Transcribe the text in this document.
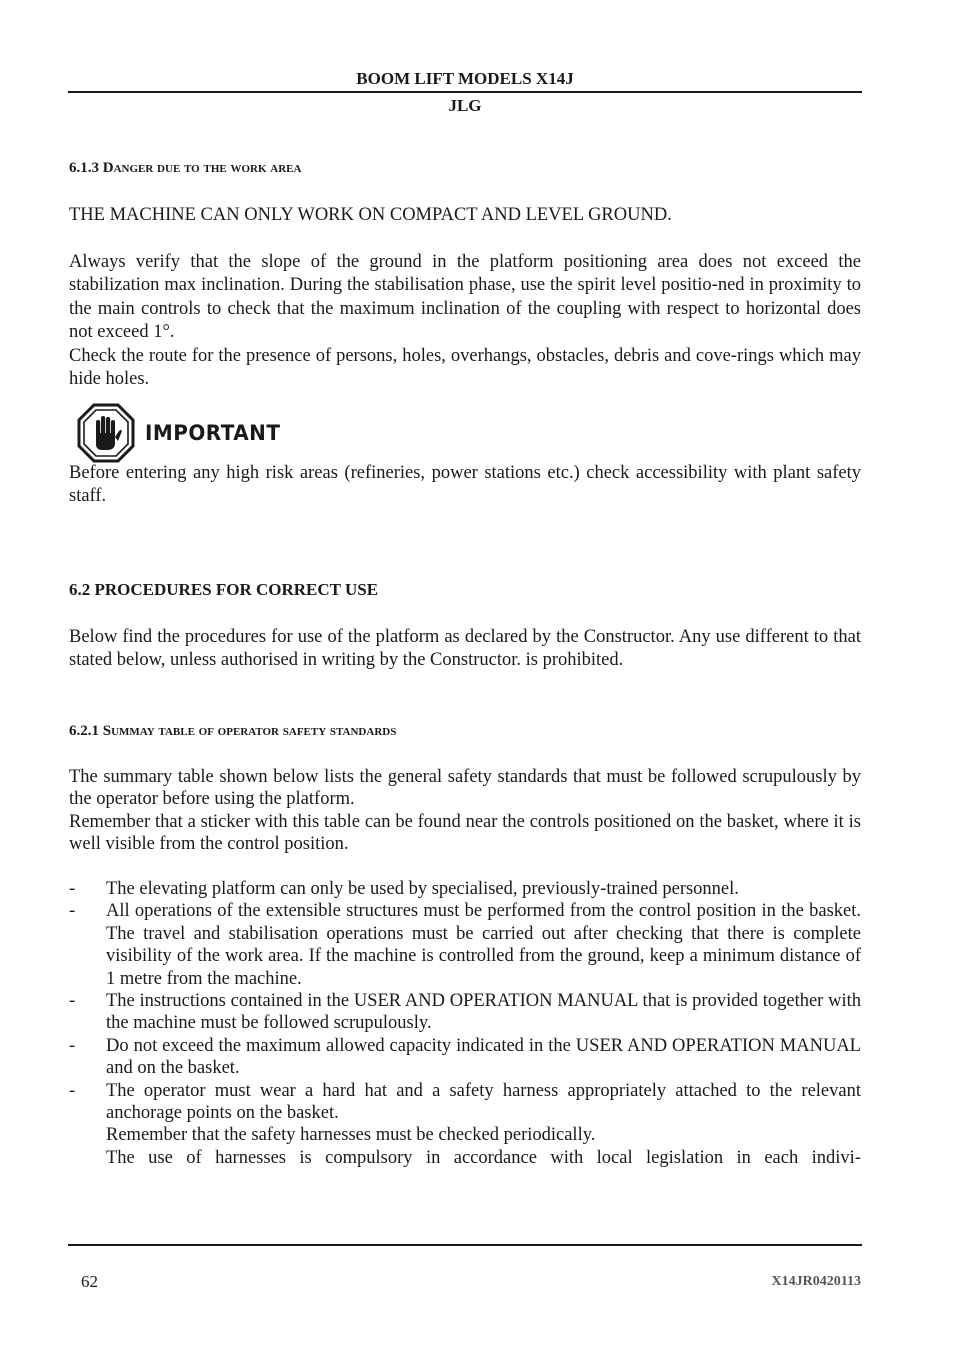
BOOM LIFT MODELS X14J
JLG
6.1.3 Danger due to the work area

THE MACHINE CAN ONLY WORK ON COMPACT AND LEVEL GROUND.

Always verify that the slope of the ground in the platform positioning area does not exceed the stabilization max inclination. During the stabilisation phase, use the spirit level positio-ned in proximity to the main controls to check that the maximum inclination of the coupling with respect to horizontal does not exceed 1°.

Check the route for the presence of persons, holes, overhangs, obstacles, debris and cove-rings which may hide holes.

IMPORTANT

Before entering any high risk areas (refineries, power stations etc.) check accessibility with plant safety staff.

6.2 PROCEDURES FOR CORRECT USE

Below find the procedures for use of the platform as declared by the Constructor. Any use different to that stated below, unless authorised in writing by the Constructor. is prohibited.

6.2.1 Summay table of operator safety standards

The summary table shown below lists the general safety standards that must be followed scrupulously by the operator before using the platform.

Remember that a sticker with this table can be found near the controls positioned on the basket, where it is well visible from the control position.

- The elevating platform can only be used by specialised, previously-trained personnel.

- All operations of the extensible structures must be performed from the control position in the basket. The travel and stabilisation operations must be carried out after checking that there is complete visibility of the work area. If the machine is controlled from the ground, keep a minimum distance of 1 metre from the machine.

- The instructions contained in the USER AND OPERATION MANUAL that is provided together with the machine must be followed scrupulously.

- Do not exceed the maximum allowed capacity indicated in the USER AND OPERATION MANUAL and on the basket.

- The operator must wear a hard hat and a safety harness appropriately attached to the relevant anchorage points on the basket.

Remember that the safety harnesses must be checked periodically.

The use of harnesses is compulsory in accordance with local legislation in each indivi-

62	X14JR0420113
